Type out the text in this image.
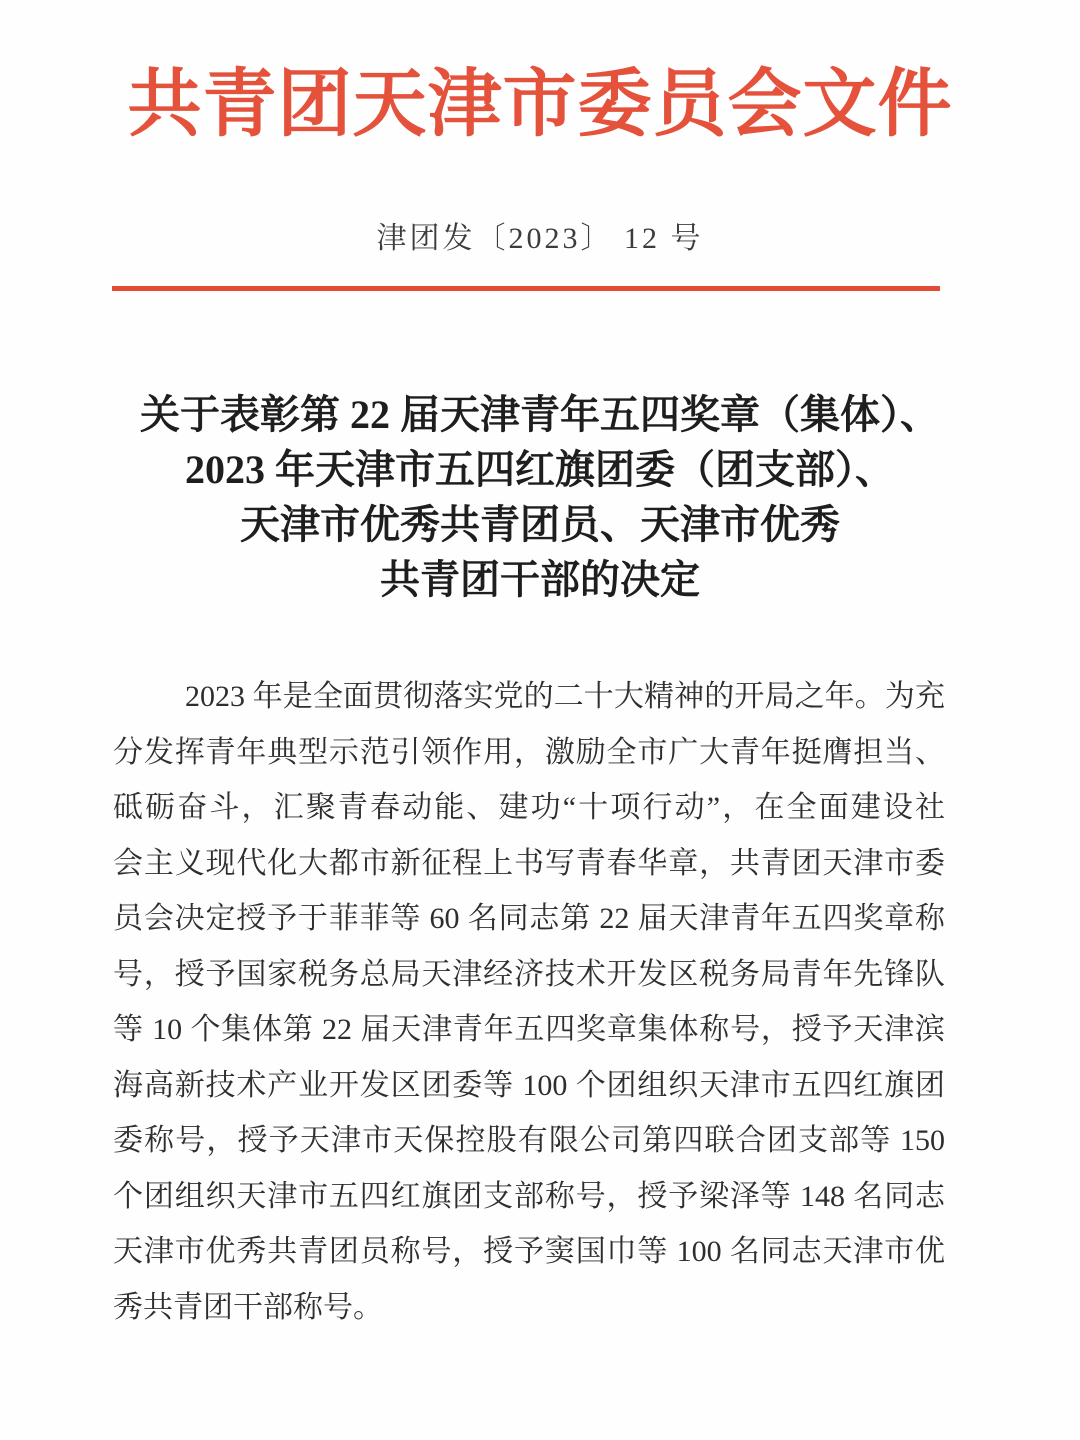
共青团天津市委员会文件
津团发〔2023〕 12 号
关于表彰第 22 届天津青年五四奖章（集体）、
2023 年天津市五四红旗团委（团支部）、
天津市优秀共青团员、天津市优秀
共青团干部的决定
2023 年是全面贯彻落实党的二十大精神的开局之年。为充
分发挥青年典型示范引领作用，激励全市广大青年挺膺担当、
砥砺奋斗，汇聚青春动能、建功“十项行动”，在全面建设社
会主义现代化大都市新征程上书写青春华章，共青团天津市委
员会决定授予于菲菲等 60 名同志第 22 届天津青年五四奖章称
号，授予国家税务总局天津经济技术开发区税务局青年先锋队
等 10 个集体第 22 届天津青年五四奖章集体称号，授予天津滨
海高新技术产业开发区团委等 100 个团组织天津市五四红旗团
委称号，授予天津市天保控股有限公司第四联合团支部等 150
个团组织天津市五四红旗团支部称号，授予梁泽等 148 名同志
天津市优秀共青团员称号，授予窦国巾等 100 名同志天津市优
秀共青团干部称号。
